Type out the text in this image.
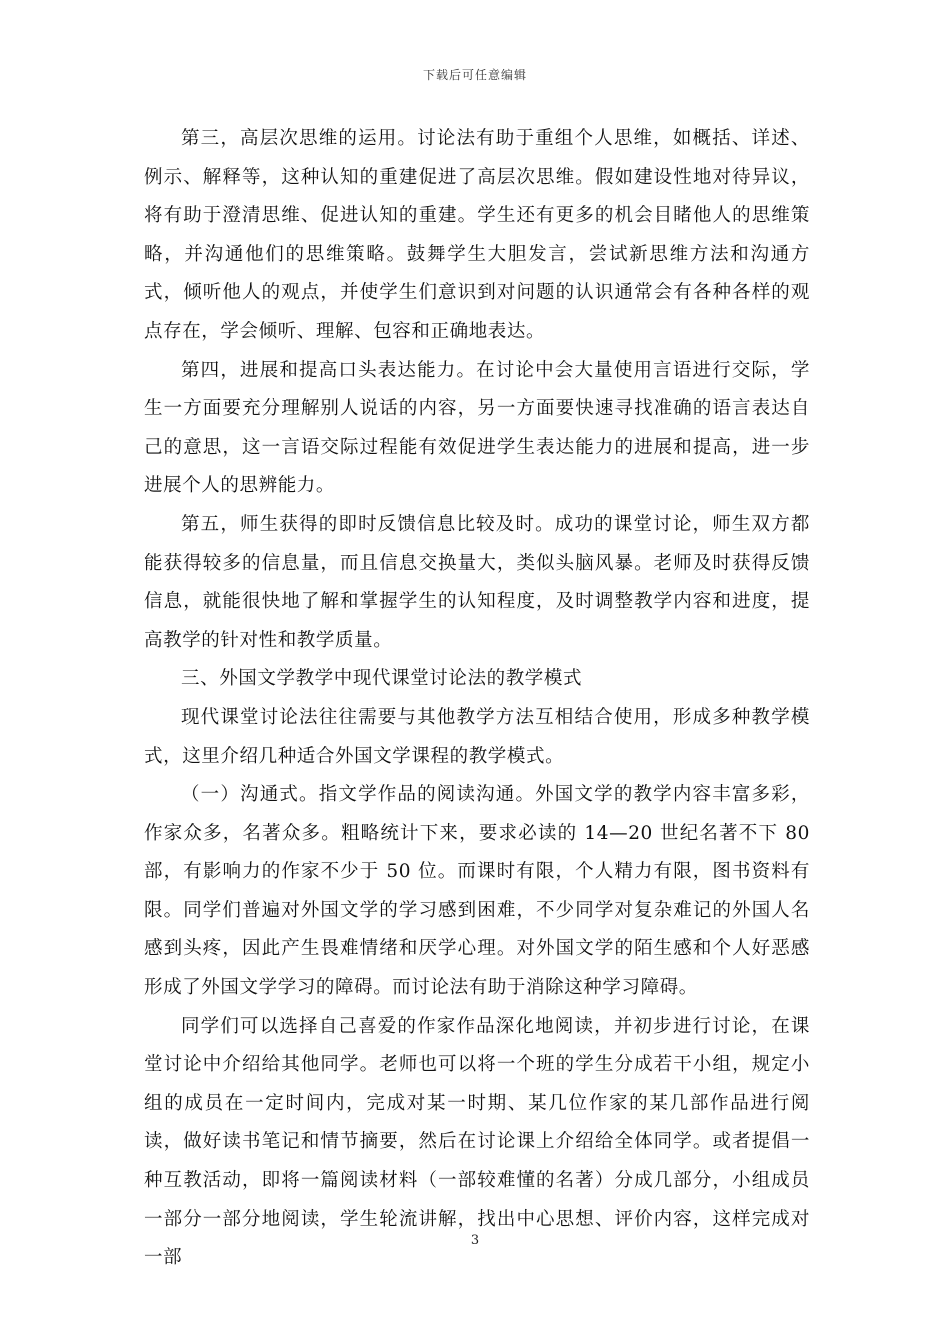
下载后可任意编辑

第三，高层次思维的运用。讨论法有助于重组个人思维，如概括、详述、例示、解释等，这种认知的重建促进了高层次思维。假如建设性地对待异议，将有助于澄清思维、促进认知的重建。学生还有更多的机会目睹他人的思维策略，并沟通他们的思维策略。鼓舞学生大胆发言，尝试新思维方法和沟通方式，倾听他人的观点，并使学生们意识到对问题的认识通常会有各种各样的观点存在，学会倾听、理解、包容和正确地表达。

第四，进展和提高口头表达能力。在讨论中会大量使用言语进行交际，学生一方面要充分理解别人说话的内容，另一方面要快速寻找准确的语言表达自己的意思，这一言语交际过程能有效促进学生表达能力的进展和提高，进一步进展个人的思辨能力。

第五，师生获得的即时反馈信息比较及时。成功的课堂讨论，师生双方都能获得较多的信息量，而且信息交换量大，类似头脑风暴。老师及时获得反馈信息，就能很快地了解和掌握学生的认知程度，及时调整教学内容和进度，提高教学的针对性和教学质量。

三、外国文学教学中现代课堂讨论法的教学模式

现代课堂讨论法往往需要与其他教学方法互相结合使用，形成多种教学模式，这里介绍几种适合外国文学课程的教学模式。

（一）沟通式。指文学作品的阅读沟通。外国文学的教学内容丰富多彩，作家众多，名著众多。粗略统计下来，要求必读的 14—20 世纪名著不下 80 部，有影响力的作家不少于 50 位。而课时有限，个人精力有限，图书资料有限。同学们普遍对外国文学的学习感到困难，不少同学对复杂难记的外国人名感到头疼，因此产生畏难情绪和厌学心理。对外国文学的陌生感和个人好恶感形成了外国文学学习的障碍。而讨论法有助于消除这种学习障碍。

同学们可以选择自己喜爱的作家作品深化地阅读，并初步进行讨论，在课堂讨论中介绍给其他同学。老师也可以将一个班的学生分成若干小组，规定小组的成员在一定时间内，完成对某一时期、某几位作家的某几部作品进行阅读，做好读书笔记和情节摘要，然后在讨论课上介绍给全体同学。或者提倡一种互教活动，即将一篇阅读材料（一部较难懂的名著）分成几部分，小组成员一部分一部分地阅读，学生轮流讲解，找出中心思想、评价内容，这样完成对一部

3
